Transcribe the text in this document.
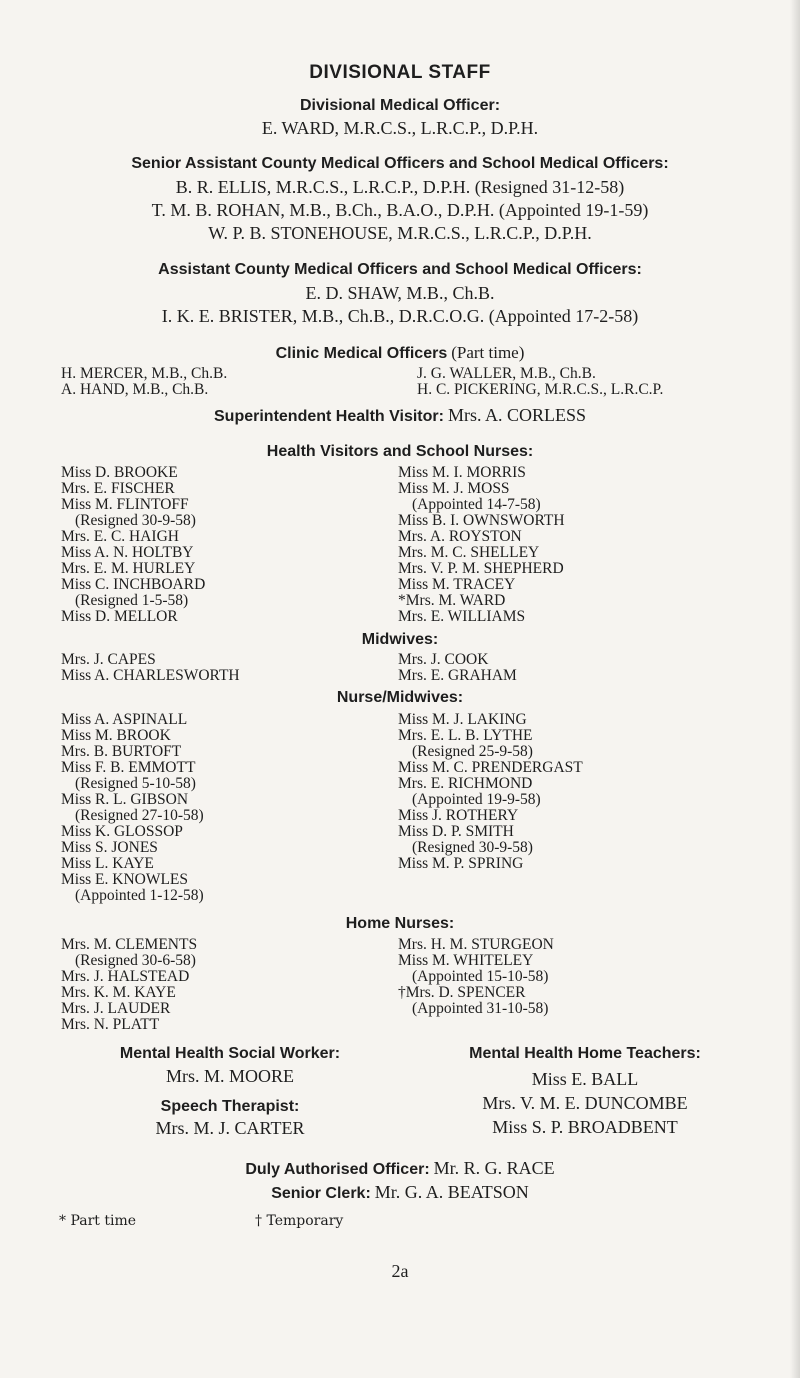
DIVISIONAL STAFF
Divisional Medical Officer:
E. WARD, M.R.C.S., L.R.C.P., D.P.H.
Senior Assistant County Medical Officers and School Medical Officers:
B. R. ELLIS, M.R.C.S., L.R.C.P., D.P.H. (Resigned 31-12-58)
T. M. B. ROHAN, M.B., B.Ch., B.A.O., D.P.H. (Appointed 19-1-59)
W. P. B. STONEHOUSE, M.R.C.S., L.R.C.P., D.P.H.
Assistant County Medical Officers and School Medical Officers:
E. D. SHAW, M.B., Ch.B.
I. K. E. BRISTER, M.B., Ch.B., D.R.C.O.G. (Appointed 17-2-58)
Clinic Medical Officers (Part time)
H. MERCER, M.B., Ch.B.
A. HAND, M.B., Ch.B.
J. G. WALLER, M.B., Ch.B.
H. C. PICKERING, M.R.C.S., L.R.C.P.
Superintendent Health Visitor: Mrs. A. CORLESS
Health Visitors and School Nurses:
Miss D. BROOKE
Mrs. E. FISCHER
Miss M. FLINTOFF
(Resigned 30-9-58)
Mrs. E. C. HAIGH
Miss A. N. HOLTBY
Mrs. E. M. HURLEY
Miss C. INCHBOARD
(Resigned 1-5-58)
Miss D. MELLOR
Miss M. I. MORRIS
Miss M. J. MOSS
(Appointed 14-7-58)
Miss B. I. OWNSWORTH
Mrs. A. ROYSTON
Mrs. M. C. SHELLEY
Mrs. V. P. M. SHEPHERD
Miss M. TRACEY
*Mrs. M. WARD
Mrs. E. WILLIAMS
Midwives:
Mrs. J. CAPES
Miss A. CHARLESWORTH
Mrs. J. COOK
Mrs. E. GRAHAM
Nurse/Midwives:
Miss A. ASPINALL
Miss M. BROOK
Mrs. B. BURTOFT
Miss F. B. EMMOTT
(Resigned 5-10-58)
Miss R. L. GIBSON
(Resigned 27-10-58)
Miss K. GLOSSOP
Miss S. JONES
Miss L. KAYE
Miss E. KNOWLES
(Appointed 1-12-58)
Miss M. J. LAKING
Mrs. E. L. B. LYTHE
(Resigned 25-9-58)
Miss M. C. PRENDERGAST
Mrs. E. RICHMOND
(Appointed 19-9-58)
Miss J. ROTHERY
Miss D. P. SMITH
(Resigned 30-9-58)
Miss M. P. SPRING
Home Nurses:
Mrs. M. CLEMENTS
(Resigned 30-6-58)
Mrs. J. HALSTEAD
Mrs. K. M. KAYE
Mrs. J. LAUDER
Mrs. N. PLATT
Mrs. H. M. STURGEON
Miss M. WHITELEY
(Appointed 15-10-58)
†Mrs. D. SPENCER
(Appointed 31-10-58)
Mental Health Social Worker:
Mrs. M. MOORE
Speech Therapist:
Mrs. M. J. CARTER
Mental Health Home Teachers:
Miss E. BALL
Mrs. V. M. E. DUNCOMBE
Miss S. P. BROADBENT
Duly Authorised Officer: Mr. R. G. RACE
Senior Clerk: Mr. G. A. BEATSON
* Part time	† Temporary
2a
